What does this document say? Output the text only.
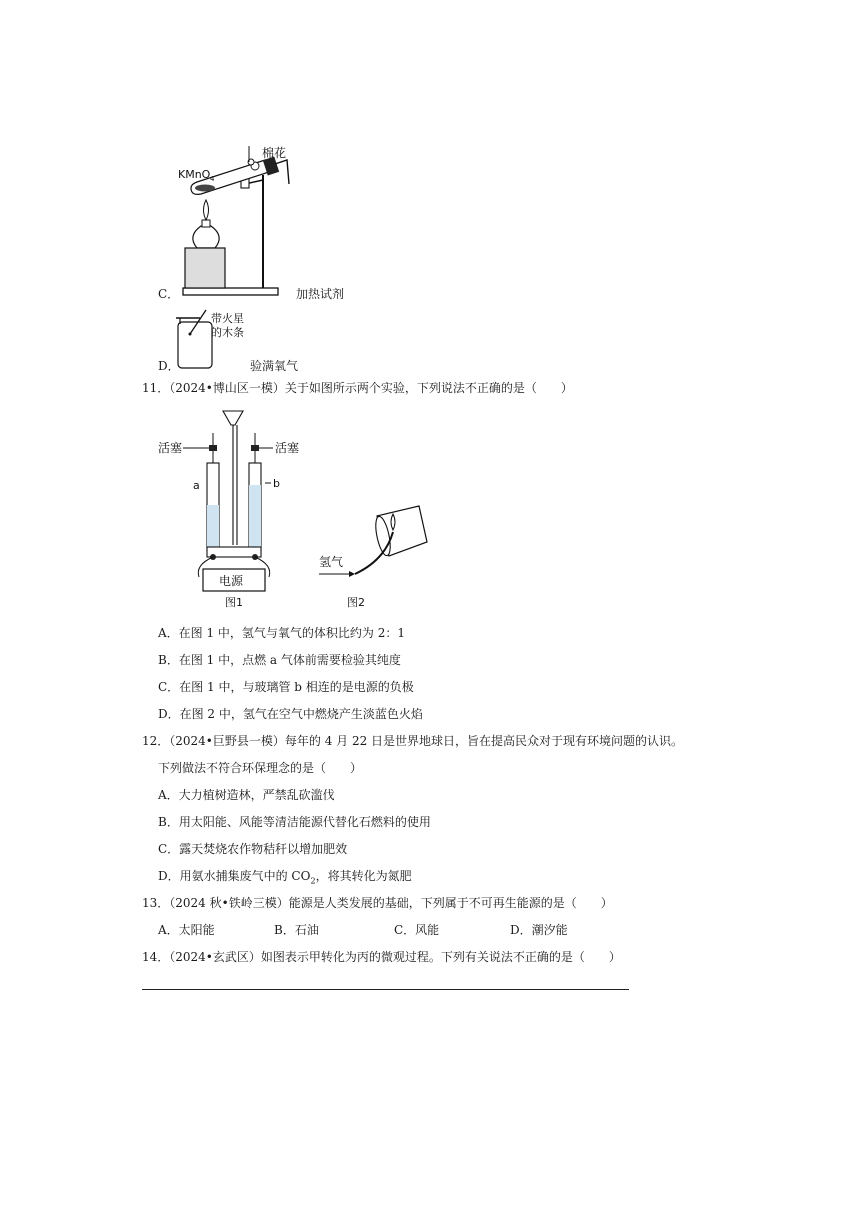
KMnO 4
棉花
C．	加热试剂
带火星
的木条
D．	验满氧气
11．（2024•博山区一模）关于如图所示两个实验，下列说法不正确的是（　　）
活塞	活塞
a	b
电源
图1
氢气
图2
A．在图 1 中，氢气与氧气的体积比约为 2：1
B．在图 1 中，点燃 a 气体前需要检验其纯度
C．在图 1 中，与玻璃管 b 相连的是电源的负极
D．在图 2 中，氢气在空气中燃烧产生淡蓝色火焰
12．（2024•巨野县一模）每年的 4 月 22 日是世界地球日，旨在提高民众对于现有环境问题的认识。
下列做法不符合环保理念的是（　　）
A．大力植树造林，严禁乱砍滥伐
B．用太阳能、风能等清洁能源代替化石燃料的使用
C．露天焚烧农作物秸秆以增加肥效
D．用氨水捕集废气中的 $CO_2$，将其转化为氮肥
13．（2024 秋•铁岭三模）能源是人类发展的基础，下列属于不可再生能源的是（　　）
A．太阳能	B．石油	C．风能	D．潮汐能
14．（2024•玄武区）如图表示甲转化为丙的微观过程。下列有关说法不正确的是（　　）
